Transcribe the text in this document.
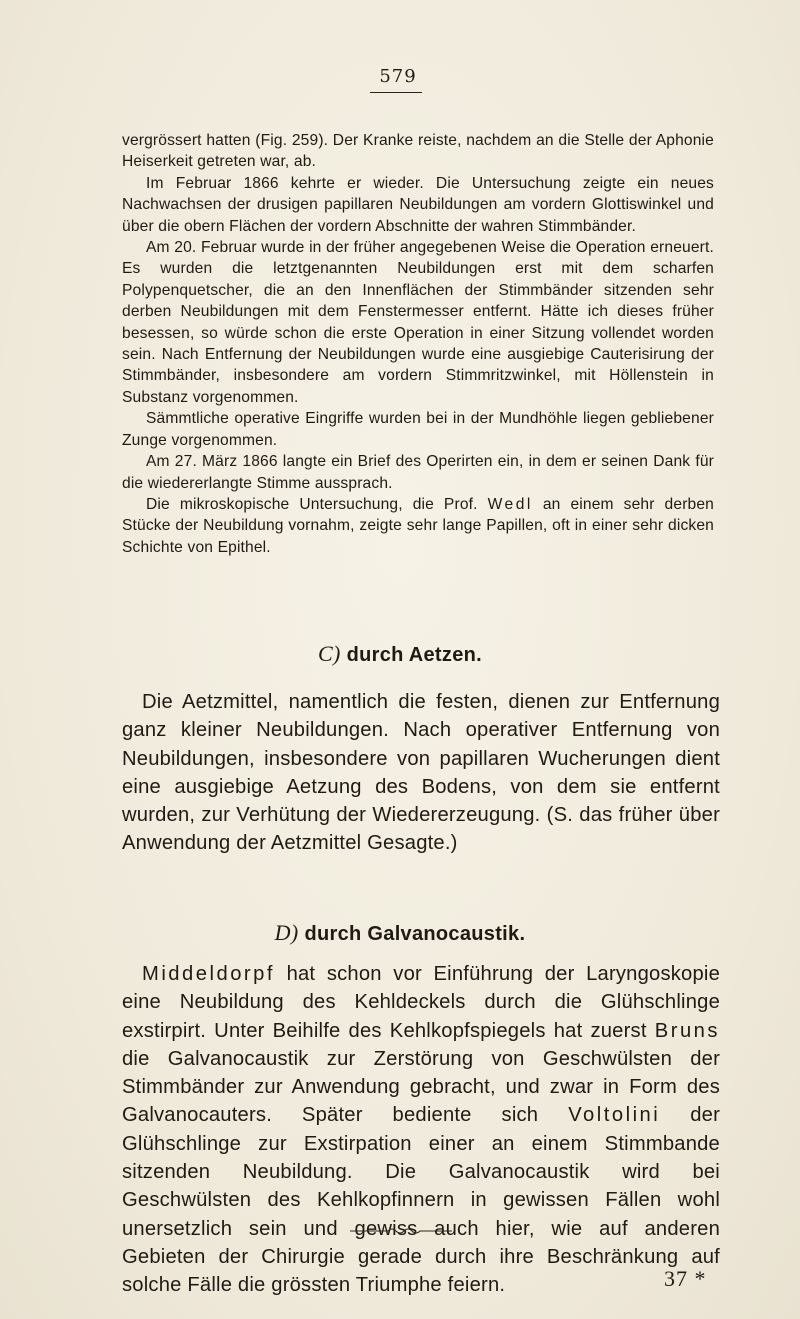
579

vergrössert hatten (Fig. 259). Der Kranke reiste, nachdem an die Stelle der Aphonie Heiserkeit getreten war, ab.

Im Februar 1866 kehrte er wieder. Die Untersuchung zeigte ein neues Nachwachsen der drusigen papillaren Neubildungen am vordern Glottiswinkel und über die obern Flächen der vordern Abschnitte der wahren Stimmbänder.

Am 20. Februar wurde in der früher angegebenen Weise die Operation erneuert. Es wurden die letztgenannten Neubildungen erst mit dem scharfen Polypenquetscher, die an den Innenflächen der Stimmbänder sitzenden sehr derben Neubildungen mit dem Fenstermesser entfernt. Hätte ich dieses früher besessen, so würde schon die erste Operation in einer Sitzung vollendet worden sein. Nach Entfernung der Neubildungen wurde eine ausgiebige Cauterisirung der Stimmbänder, insbesondere am vordern Stimmritzwinkel, mit Höllenstein in Substanz vorgenommen.

Sämmtliche operative Eingriffe wurden bei in der Mundhöhle liegen gebliebener Zunge vorgenommen.

Am 27. März 1866 langte ein Brief des Operirten ein, in dem er seinen Dank für die wiedererlangte Stimme aussprach.

Die mikroskopische Untersuchung, die Prof. Wedl an einem sehr derben Stücke der Neubildung vornahm, zeigte sehr lange Papillen, oft in einer sehr dicken Schichte von Epithel.

C) durch Aetzen.

Die Aetzmittel, namentlich die festen, dienen zur Entfernung ganz kleiner Neubildungen. Nach operativer Entfernung von Neubildungen, insbesondere von papillaren Wucherungen dient eine ausgiebige Aetzung des Bodens, von dem sie entfernt wurden, zur Verhütung der Wiedererzeugung. (S. das früher über Anwendung der Aetzmittel Gesagte.)

D) durch Galvanocaustik.

Middeldorpf hat schon vor Einführung der Laryngoskopie eine Neubildung des Kehldeckels durch die Glühschlinge exstirpirt. Unter Beihilfe des Kehlkopfspiegels hat zuerst Bruns die Galvanocaustik zur Zerstörung von Geschwülsten der Stimmbänder zur Anwendung gebracht, und zwar in Form des Galvanocauters. Später bediente sich Voltolini der Glühschlinge zur Exstirpation einer an einem Stimmbande sitzenden Neubildung. Die Galvanocaustik wird bei Geschwülsten des Kehlkopfinnern in gewissen Fällen wohl unersetzlich sein und gewiss auch hier, wie auf anderen Gebieten der Chirurgie gerade durch ihre Beschränkung auf solche Fälle die grössten Triumphe feiern.	37 *
